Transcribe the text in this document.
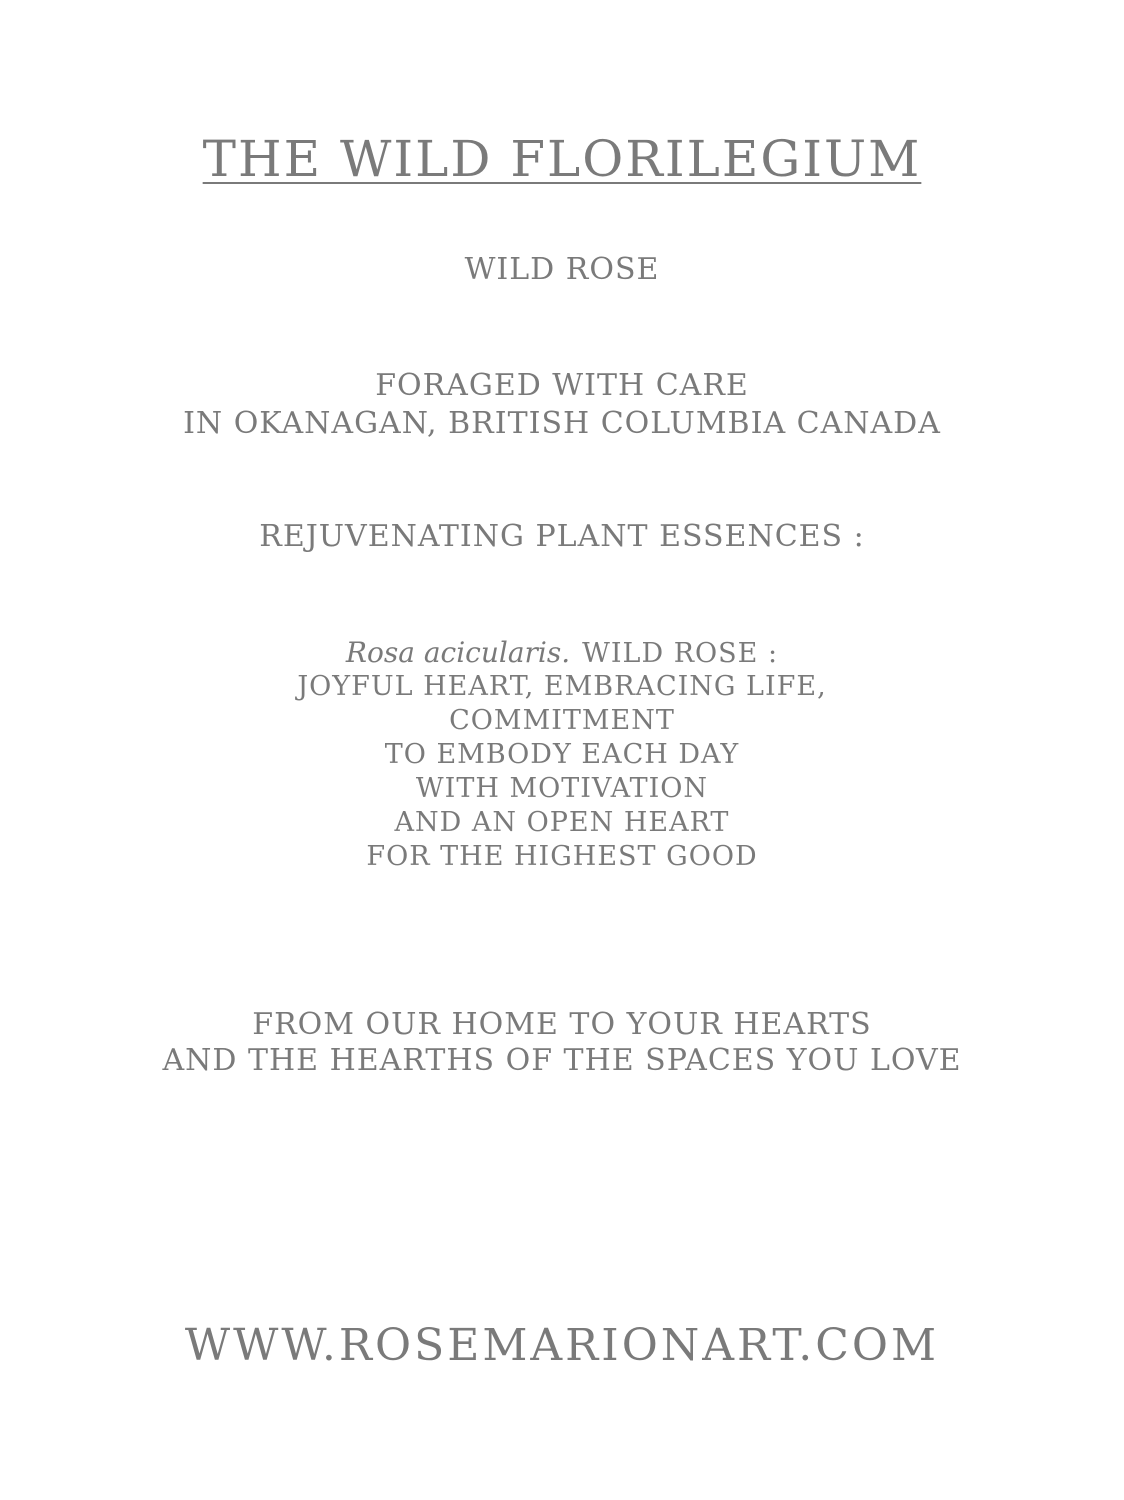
THE WILD FLORILEGIUM
WILD ROSE
FORAGED WITH CARE
IN OKANAGAN, BRITISH COLUMBIA CANADA
REJUVENATING PLANT ESSENCES :
Rosa acicularis. WILD ROSE :
JOYFUL HEART, EMBRACING LIFE,
COMMITMENT
TO EMBODY EACH DAY
WITH MOTIVATION
AND AN OPEN HEART
FOR THE HIGHEST GOOD
FROM OUR HOME TO YOUR HEARTS
AND THE HEARTHS OF THE SPACES YOU LOVE
WWW.ROSEMARIONART.COM
